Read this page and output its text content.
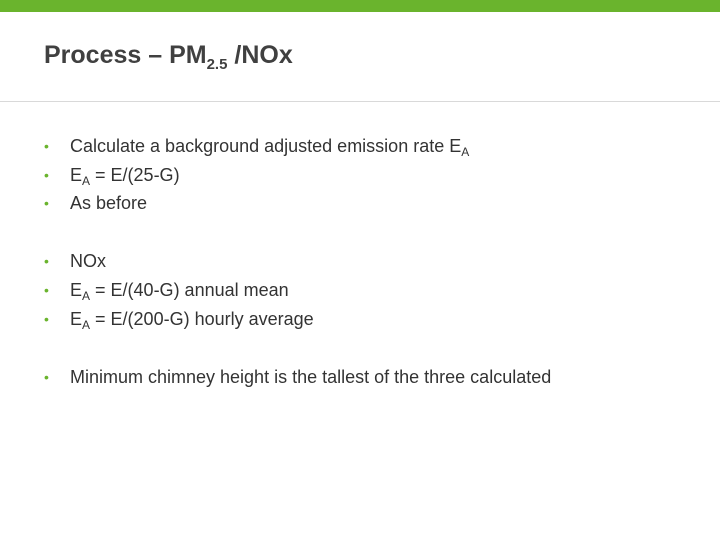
Process – $PM_{2.5}$ /NOx
•	Calculate a background adjusted emission rate $E_A$
•	$E_A = E/(25-G)$
•	As before
•	NOx
•	$E_A = E/(40-G)$ annual mean
•	$E_A = E/(200-G)$ hourly average
•	Minimum chimney height is the tallest of the three calculated
